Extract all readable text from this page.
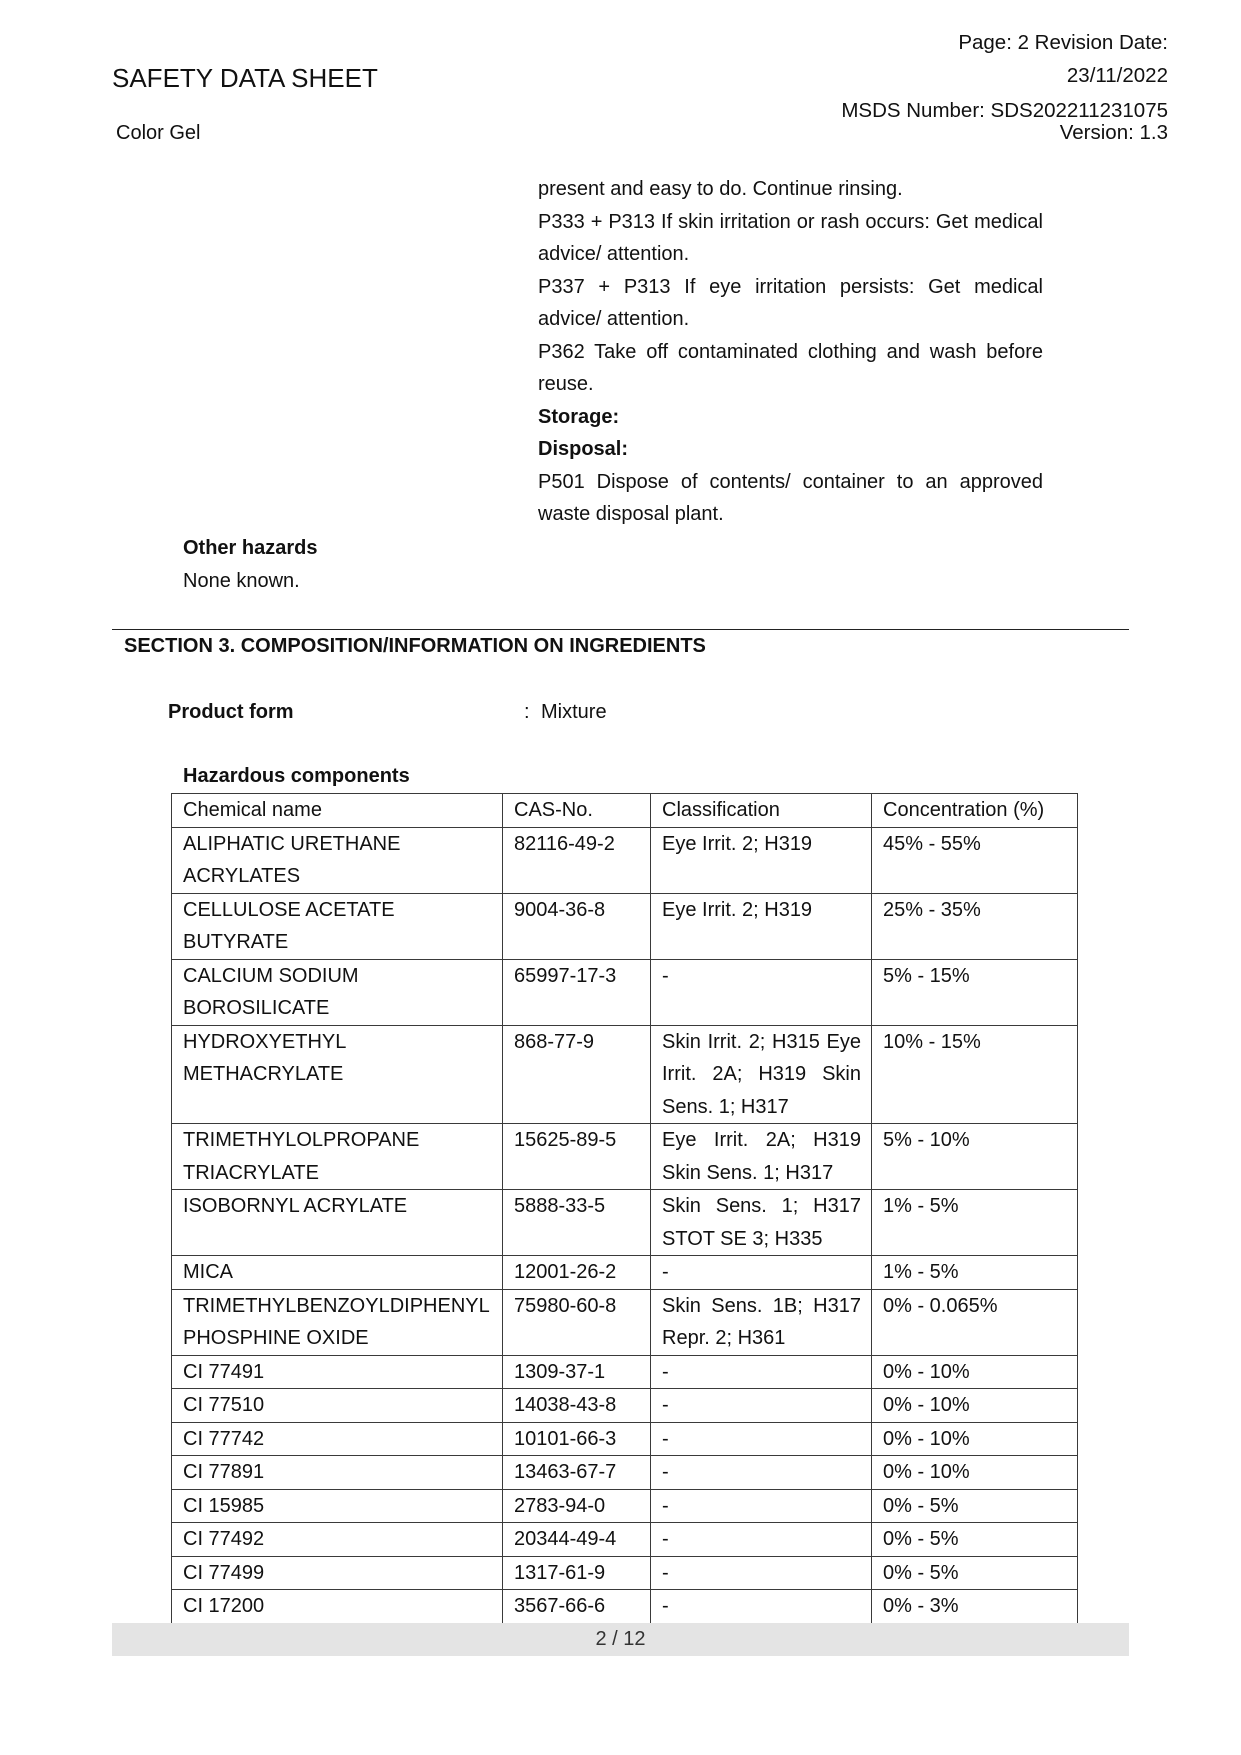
SAFETY DATA SHEET
Color Gel
Page: 2 Revision Date:
23/11/2022
MSDS Number: SDS202211231075
Version: 1.3

present and easy to do. Continue rinsing.

P333 + P313 If skin irritation or rash occurs: Get medical advice/ attention.

P337 + P313 If eye irritation persists: Get medical advice/ attention.

P362 Take off contaminated clothing and wash before reuse.

Storage:

Disposal:

P501 Dispose of contents/ container to an approved waste disposal plant.

Other hazards
None known.
SECTION 3. COMPOSITION/INFORMATION ON INGREDIENTS
Product form	: Mixture
Hazardous components
Chemical name	CAS-No.	Classification	Concentration (%)
ALIPHATIC URETHANE ACRYLATES	82116-49-2	Eye Irrit. 2; H319	45% - 55%
CELLULOSE ACETATE BUTYRATE	9004-36-8	Eye Irrit. 2; H319	25% - 35%
CALCIUM SODIUM BOROSILICATE	65997-17-3	-	5% - 15%
HYDROXYETHYL METHACRYLATE	868-77-9	Skin Irrit. 2; H315 Eye Irrit. 2A; H319 Skin Sens. 1; H317	10% - 15%
TRIMETHYLOLPROPANE TRIACRYLATE	15625-89-5	Eye Irrit. 2A; H319 Skin Sens. 1; H317	5% - 10%
ISOBORNYL ACRYLATE	5888-33-5	Skin Sens. 1; H317 STOT SE 3; H335	1% - 5%
MICA	12001-26-2	-	1% - 5%
TRIMETHYLBENZOYLDIPHENYLPHOSPHINE OXIDE	75980-60-8	Skin Sens. 1B; H317 Repr. 2; H361	0% - 0.065%
CI 77491	1309-37-1	-	0% - 10%
CI 77510	14038-43-8	-	0% - 10%
CI 77742	10101-66-3	-	0% - 10%
CI 77891	13463-67-7	-	0% - 10%
CI 15985	2783-94-0	-	0% - 5%
CI 77492	20344-49-4	-	0% - 5%
CI 77499	1317-61-9	-	0% - 5%
CI 17200	3567-66-6	-	0% - 3%
2 / 12
